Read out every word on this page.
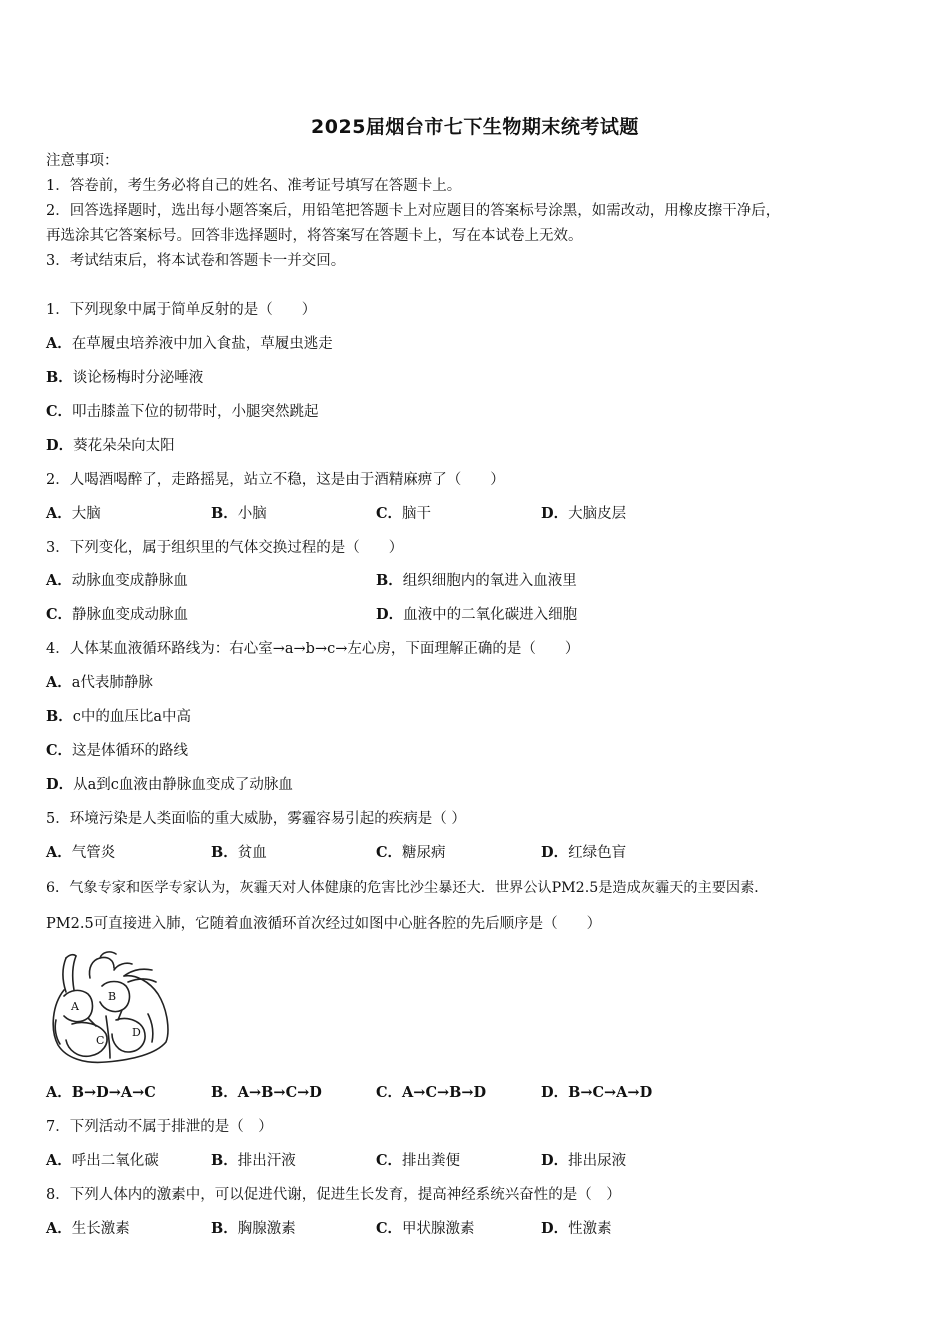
2025届烟台市七下生物期末统考试题
注意事项：
1．答卷前，考生务必将自己的姓名、准考证号填写在答题卡上。
2．回答选择题时，选出每小题答案后，用铅笔把答题卡上对应题目的答案标号涂黑，如需改动，用橡皮擦干净后，
再选涂其它答案标号。回答非选择题时，将答案写在答题卡上，写在本试卷上无效。
3．考试结束后，将本试卷和答题卡一并交回。
1．下列现象中属于简单反射的是（　　）
A．在草履虫培养液中加入食盐，草履虫逃走
B．谈论杨梅时分泌唾液
C．叩击膝盖下位的韧带时，小腿突然跳起
D．葵花朵朵向太阳
2．人喝酒喝醉了，走路摇晃，站立不稳，这是由于酒精麻痹了（　　）
A．大脑	B．小脑	C．脑干	D．大脑皮层
3．下列变化，属于组织里的气体交换过程的是（　　）
A．动脉血变成静脉血	B．组织细胞内的氧进入血液里
C．静脉血变成动脉血	D．血液中的二氧化碳进入细胞
4．人体某血液循环路线为：右心室→a→b→c→左心房，下面理解正确的是（　　）
A．a代表肺静脉
B．c中的血压比a中高
C．这是体循环的路线
D．从a到c血液由静脉血变成了动脉血
5．环境污染是人类面临的重大威胁，雾霾容易引起的疾病是（ ）
A．气管炎	B．贫血	C．糖尿病	D．红绿色盲
6．气象专家和医学专家认为，灰霾天对人体健康的危害比沙尘暴还大．世界公认PM2.5是造成灰霾天的主要因素．
PM2.5可直接进入肺，它随着血液循环首次经过如图中心脏各腔的先后顺序是（　　）
A
B
C
D
A．B→D→A→C	B．A→B→C→D	C．A→C→B→D	D．B→C→A→D
7．下列活动不属于排泄的是（　）
A．呼出二氧化碳	B．排出汗液	C．排出粪便	D．排出尿液
8．下列人体内的激素中，可以促进代谢，促进生长发育，提高神经系统兴奋性的是（　）
A．生长激素	B．胸腺激素	C．甲状腺激素	D．性激素
